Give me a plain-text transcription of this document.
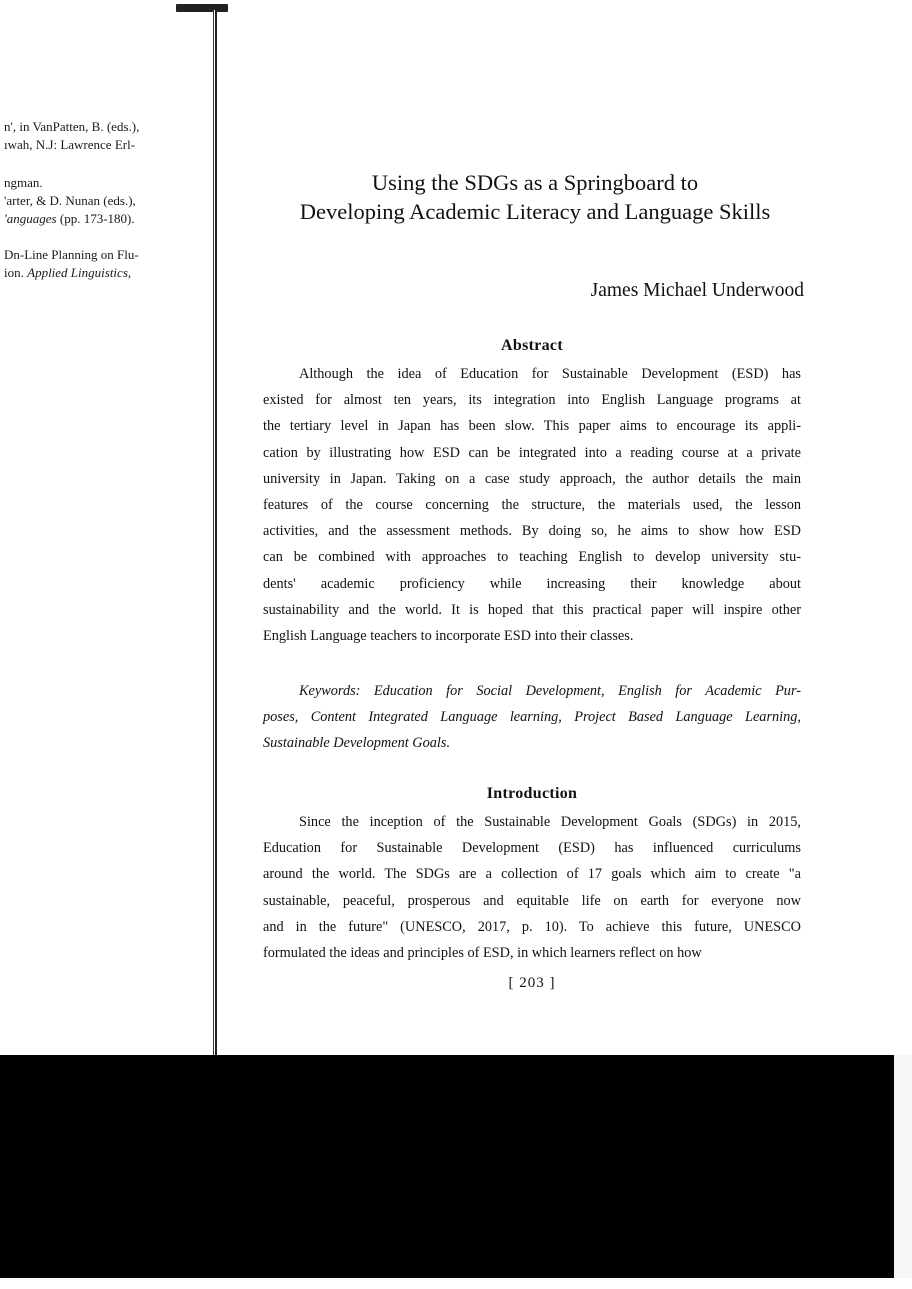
n', in VanPatten, B. (eds.),
ıwah, N.J: Lawrence Erl-
ngman.
'arter, & D. Nunan (eds.),
'anguages (pp. 173-180).
Dn-Line Planning on Flu-
ion. Applied Linguistics,
Using the SDGs as a Springboard to
Developing Academic Literacy and Language Skills
James Michael Underwood
Abstract
Although the idea of Education for Sustainable Development (ESD) has
existed for almost ten years, its integration into English Language programs at
the tertiary level in Japan has been slow. This paper aims to encourage its appli-
cation by illustrating how ESD can be integrated into a reading course at a private
university in Japan. Taking on a case study approach, the author details the main
features of the course concerning the structure, the materials used, the lesson
activities, and the assessment methods. By doing so, he aims to show how ESD
can be combined with approaches to teaching English to develop university stu-
dents' academic proficiency while increasing their knowledge about
sustainability and the world. It is hoped that this practical paper will inspire other
English Language teachers to incorporate ESD into their classes.
Keywords: Education for Social Development, English for Academic Pur-
poses, Content Integrated Language learning, Project Based Language Learning,
Sustainable Development Goals.
Introduction
Since the inception of the Sustainable Development Goals (SDGs) in 2015,
Education for Sustainable Development (ESD) has influenced curriculums
around the world. The SDGs are a collection of 17 goals which aim to create "a
sustainable, peaceful, prosperous and equitable life on earth for everyone now
and in the future" (UNESCO, 2017, p. 10). To achieve this future, UNESCO
formulated the ideas and principles of ESD, in which learners reflect on how
[ 203 ]
